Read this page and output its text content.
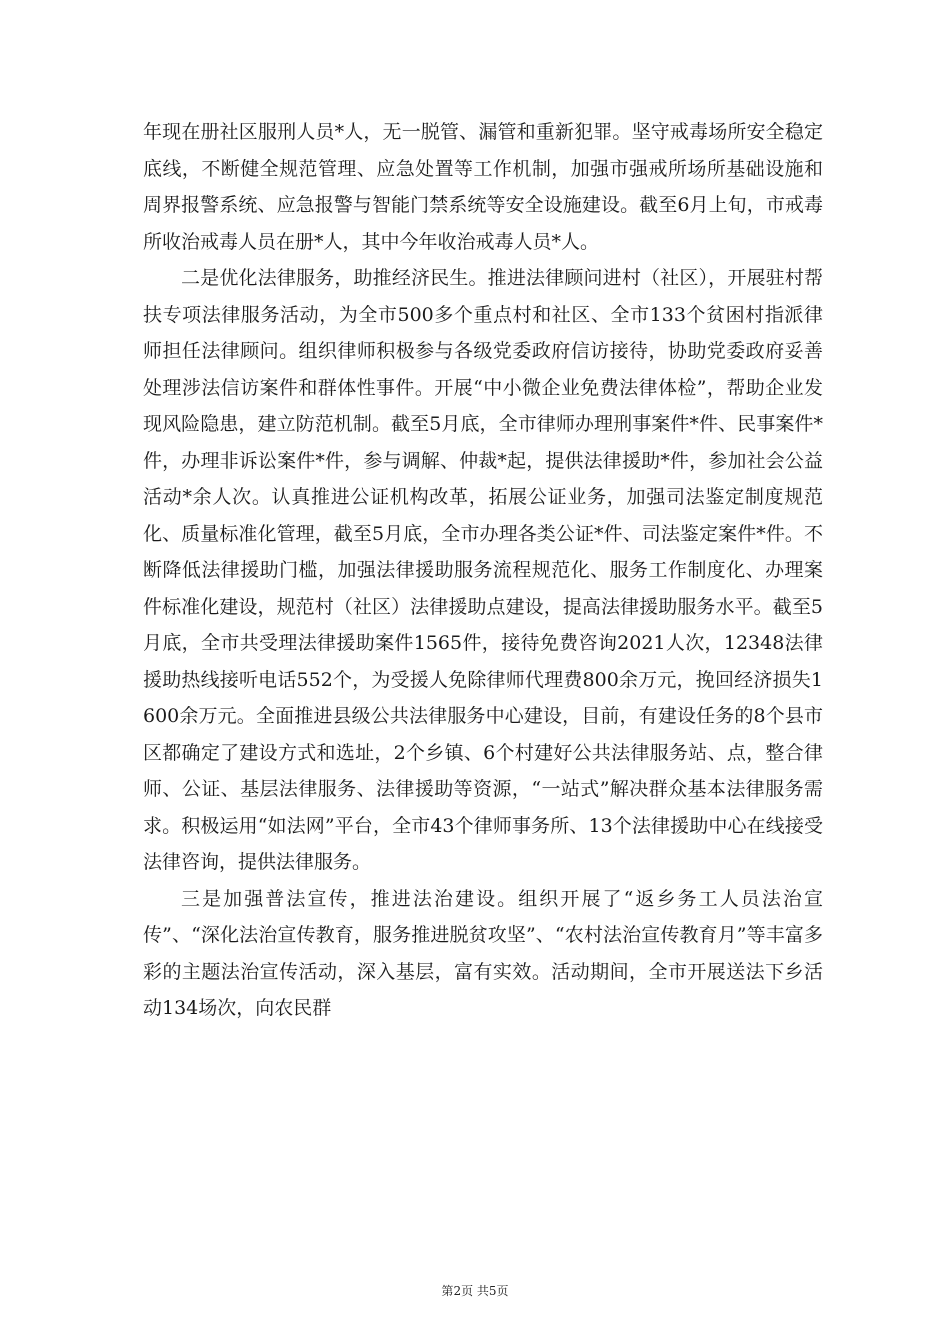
年现在册社区服刑人员*人，无一脱管、漏管和重新犯罪。坚守戒毒场所安全稳定底线，不断健全规范管理、应急处置等工作机制，加强市强戒所场所基础设施和周界报警系统、应急报警与智能门禁系统等安全设施建设。截至6月上旬，市戒毒所收治戒毒人员在册*人，其中今年收治戒毒人员*人。

二是优化法律服务，助推经济民生。推进法律顾问进村（社区），开展驻村帮扶专项法律服务活动，为全市500多个重点村和社区、全市133个贫困村指派律师担任法律顾问。组织律师积极参与各级党委政府信访接待，协助党委政府妥善处理涉法信访案件和群体性事件。开展“中小微企业免费法律体检”，帮助企业发现风险隐患，建立防范机制。截至5月底，全市律师办理刑事案件*件、民事案件*件，办理非诉讼案件*件，参与调解、仲裁*起，提供法律援助*件，参加社会公益活动*余人次。认真推进公证机构改革，拓展公证业务，加强司法鉴定制度规范化、质量标准化管理，截至5月底，全市办理各类公证*件、司法鉴定案件*件。不断降低法律援助门槛，加强法律援助服务流程规范化、服务工作制度化、办理案件标准化建设，规范村（社区）法律援助点建设，提高法律援助服务水平。截至5月底，全市共受理法律援助案件1565件，接待免费咨询2021人次，12348法律援助热线接听电话552个，为受援人免除律师代理费800余万元，挽回经济损失1600余万元。全面推进县级公共法律服务中心建设，目前，有建设任务的8个县市区都确定了建设方式和选址，2个乡镇、6个村建好公共法律服务站、点，整合律师、公证、基层法律服务、法律援助等资源，“一站式”解决群众基本法律服务需求。积极运用“如法网”平台，全市43个律师事务所、13个法律援助中心在线接受法律咨询，提供法律服务。

三是加强普法宣传，推进法治建设。组织开展了“返乡务工人员法治宣传”、“深化法治宣传教育，服务推进脱贫攻坚”、“农村法治宣传教育月”等丰富多彩的主题法治宣传活动，深入基层，富有实效。活动期间，全市开展送法下乡活动134场次，向农民群

第2页 共5页
